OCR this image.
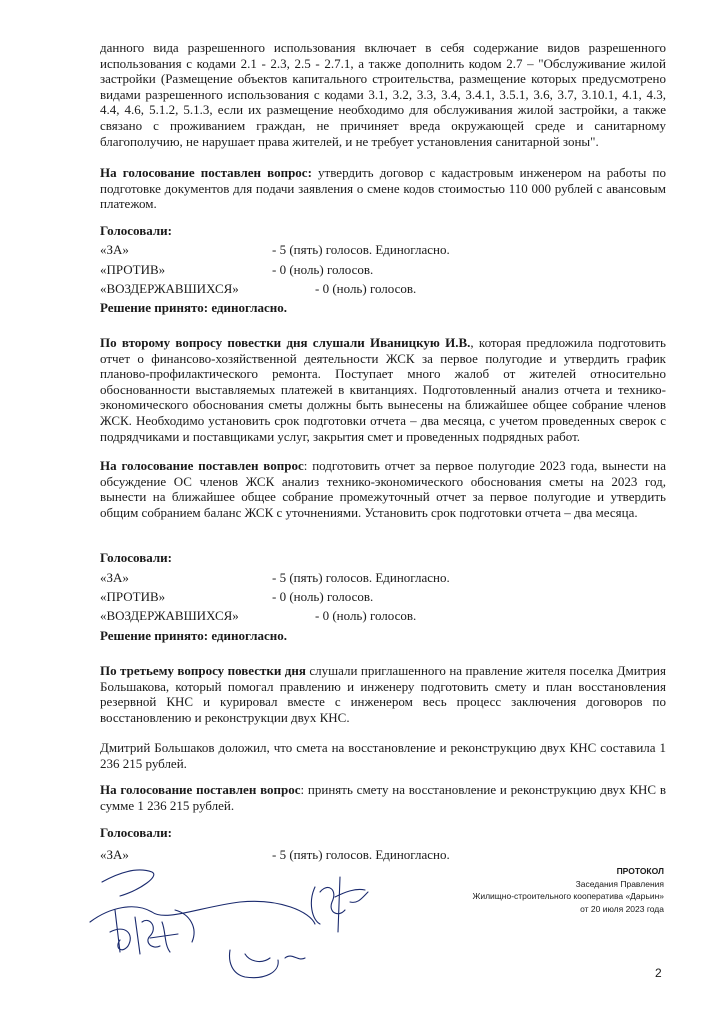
данного вида разрешенного использования включает в себя содержание видов разрешенного использования с кодами 2.1 - 2.3, 2.5 - 2.7.1, а также дополнить кодом 2.7 – "Обслуживание жилой застройки (Размещение объектов капитального строительства, размещение которых предусмотрено видами разрешенного использования с кодами 3.1, 3.2, 3.3, 3.4, 3.4.1, 3.5.1, 3.6, 3.7, 3.10.1, 4.1, 4.3, 4.4, 4.6, 5.1.2, 5.1.3, если их размещение необходимо для обслуживания жилой застройки, а также связано с проживанием граждан, не причиняет вреда окружающей среде и санитарному благополучию, не нарушает права жителей, и не требует установления санитарной зоны".
На голосование поставлен вопрос: утвердить договор с кадастровым инженером на работы по подготовке документов для подачи заявления о смене кодов стоимостью 110 000 рублей с авансовым платежом.
Голосовали:
«ЗА»	- 5 (пять) голосов. Единогласно.
«ПРОТИВ»	- 0 (ноль) голосов.
«ВОЗДЕРЖАВШИХСЯ»	- 0 (ноль) голосов.
Решение принято: единогласно.
По второму вопросу повестки дня слушали Иваницкую И.В., которая предложила подготовить отчет о финансово-хозяйственной деятельности ЖСК за первое полугодие и утвердить график планово-профилактического ремонта. Поступает много жалоб от жителей относительно обоснованности выставляемых платежей в квитанциях. Подготовленный анализ отчета и технико-экономического обоснования сметы должны быть вынесены на ближайшее общее собрание членов ЖСК. Необходимо установить срок подготовки отчета – два месяца, с учетом проведенных сверок с подрядчиками и поставщиками услуг, закрытия смет и проведенных подрядных работ.
На голосование поставлен вопрос: подготовить отчет за первое полугодие 2023 года, вынести на обсуждение ОС членов ЖСК анализ технико-экономического обоснования сметы на 2023 год, вынести на ближайшее общее собрание промежуточный отчет за первое полугодие и утвердить общим собранием баланс ЖСК с уточнениями. Установить срок подготовки отчета – два месяца.
Голосовали:
«ЗА»	- 5 (пять) голосов. Единогласно.
«ПРОТИВ»	- 0 (ноль) голосов.
«ВОЗДЕРЖАВШИХСЯ»	- 0 (ноль) голосов.
Решение принято: единогласно.
По третьему вопросу повестки дня слушали приглашенного на правление жителя поселка Дмитрия Большакова, который помогал правлению и инженеру подготовить смету и план восстановления резервной КНС и курировал вместе с инженером весь процесс заключения договоров по восстановлению и реконструкции двух КНС.
Дмитрий Большаков доложил, что смета на восстановление и реконструкцию двух КНС составила 1 236 215 рублей.
На голосование поставлен вопрос: принять смету на восстановление и реконструкцию двух КНС в сумме 1 236 215 рублей.
Голосовали:
«ЗА»	- 5 (пять) голосов. Единогласно.
ПРОТОКОЛ
Заседания Правления
Жилищно-строительного кооператива «Дарьин»
от 20 июля 2023 года
2
